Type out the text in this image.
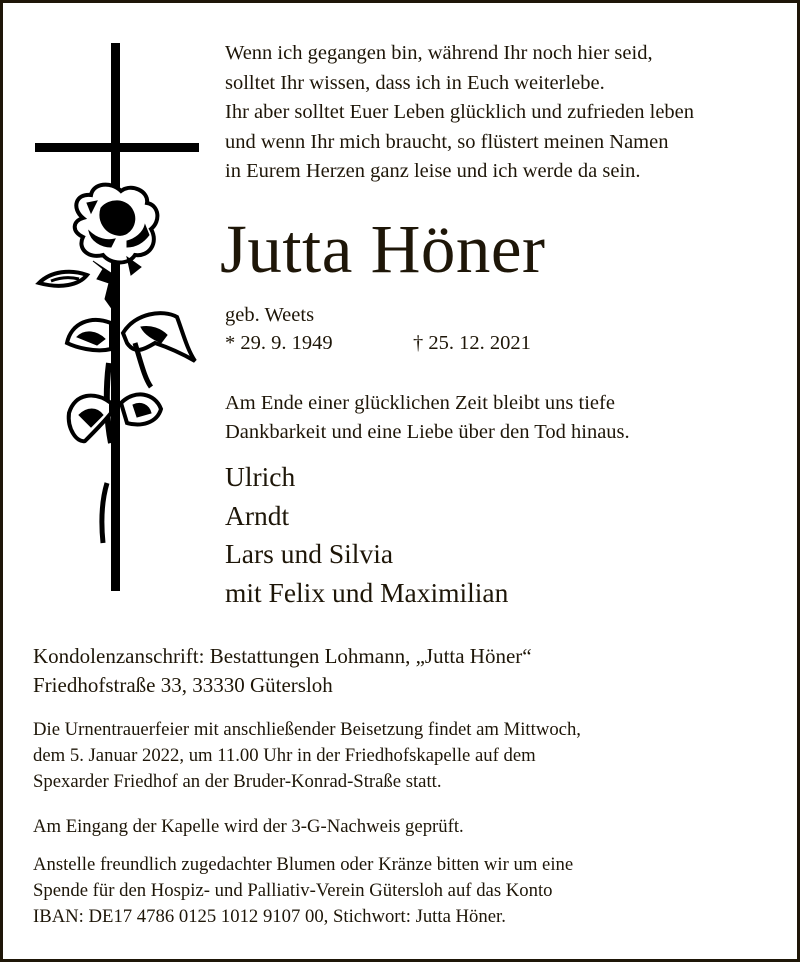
Wenn ich gegangen bin, während Ihr noch hier seid,
solltet Ihr wissen, dass ich in Euch weiterlebe.
Ihr aber solltet Euer Leben glücklich und zufrieden leben
und wenn Ihr mich braucht, so flüstert meinen Namen
in Eurem Herzen ganz leise und ich werde da sein.
Jutta Höner
geb. Weets
* 29. 9. 1949	† 25. 12. 2021
Am Ende einer glücklichen Zeit bleibt uns tiefe
Dankbarkeit und eine Liebe über den Tod hinaus.
Ulrich
Arndt
Lars und Silvia
mit Felix und Maximilian
Kondolenzanschrift: Bestattungen Lohmann, „Jutta Höner“
Friedhofstraße 33, 33330 Gütersloh
Die Urnentrauerfeier mit anschließender Beisetzung findet am Mittwoch,
dem 5. Januar 2022, um 11.00 Uhr in der Friedhofskapelle auf dem
Spexarder Friedhof an der Bruder-Konrad-Straße statt.
Am Eingang der Kapelle wird der 3-G-Nachweis geprüft.
Anstelle freundlich zugedachter Blumen oder Kränze bitten wir um eine
Spende für den Hospiz- und Palliativ-Verein Gütersloh auf das Konto
IBAN: DE17 4786 0125 1012 9107 00, Stichwort: Jutta Höner.
